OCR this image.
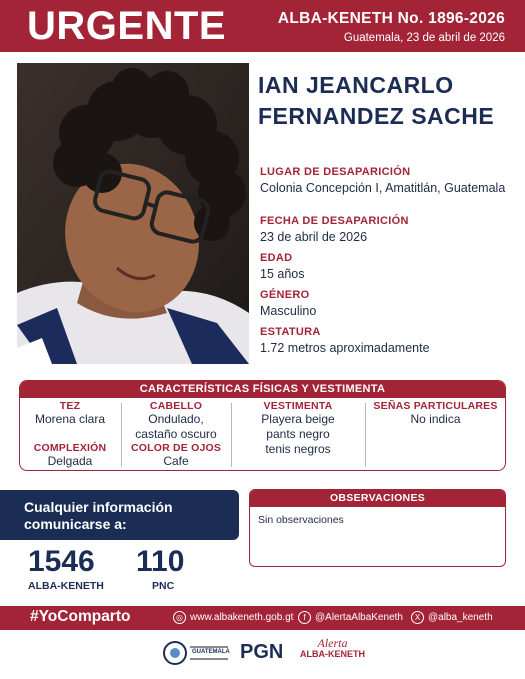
URGENTE	ALBA-KENETH No. 1896-2026
Guatemala, 23 de abril de 2026
IAN JEANCARLO
FERNANDEZ SACHE
LUGAR DE DESAPARICIÓN
Colonia Concepción I, Amatitlán, Guatemala
FECHA DE DESAPARICIÓN
23 de abril de 2026
EDAD
15 años
GÉNERO
Masculino
ESTATURA
1.72 metros aproximadamente
CARACTERÍSTICAS FÍSICAS Y VESTIMENTA
TEZ
Morena clara
COMPLEXIÓN
Delgada
CABELLO
Ondulado,
castaño oscuro
COLOR DE OJOS
Cafe
VESTIMENTA
Playera beige
pants negro
tenis negros
SEÑAS PARTICULARES
No indica
Cualquier información
comunicarse a:
1546
ALBA-KENETH
110
PNC
OBSERVACIONES
Sin observaciones
#YoComparto	◎ www.albakeneth.gob.gt	f @AlertaAlbaKeneth	X @alba_keneth
GUATEMALA PGN	Alerta
ALBA-KENETH
